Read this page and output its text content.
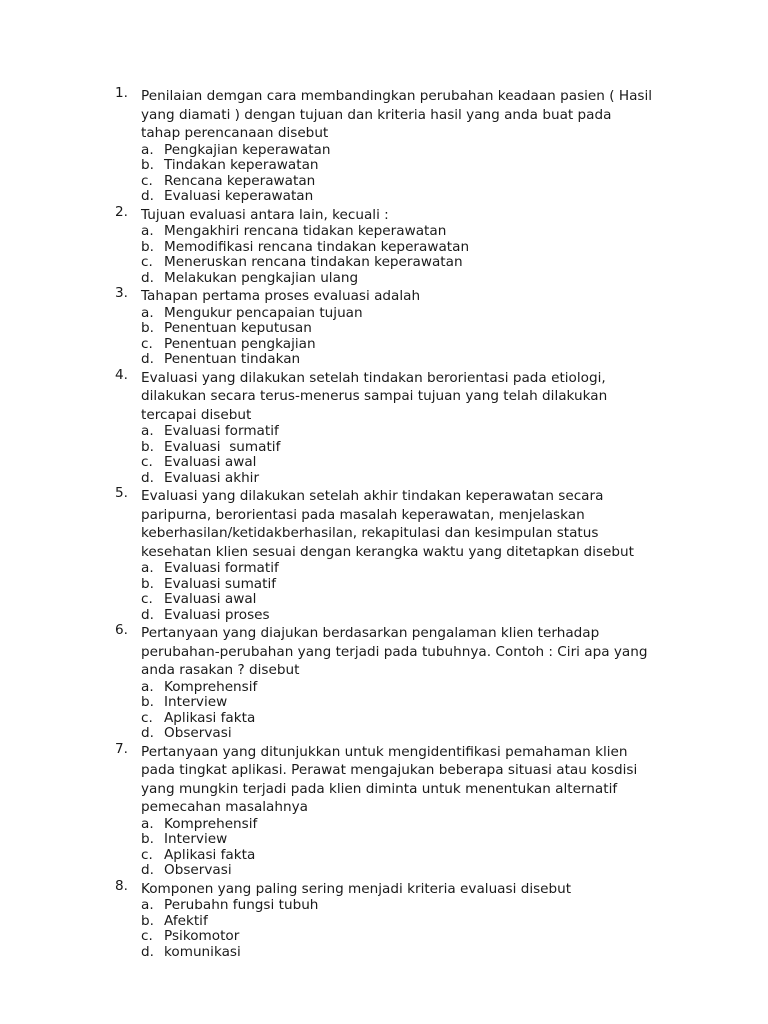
1. Penilaian demgan cara membandingkan perubahan keadaan pasien ( Hasil
yang diamati ) dengan tujuan dan kriteria hasil yang anda buat pada
tahap perencanaan disebut
a. Pengkajian keperawatan
b. Tindakan keperawatan
c. Rencana keperawatan
d. Evaluasi keperawatan
2. Tujuan evaluasi antara lain, kecuali :
a. Mengakhiri rencana tidakan keperawatan
b. Memodifikasi rencana tindakan keperawatan
c. Meneruskan rencana tindakan keperawatan
d. Melakukan pengkajian ulang
3. Tahapan pertama proses evaluasi adalah
a. Mengukur pencapaian tujuan
b. Penentuan keputusan
c. Penentuan pengkajian
d. Penentuan tindakan
4. Evaluasi yang dilakukan setelah tindakan berorientasi pada etiologi,
dilakukan secara terus-menerus sampai tujuan yang telah dilakukan
tercapai disebut
a. Evaluasi formatif
b. Evaluasi  sumatif
c. Evaluasi awal
d. Evaluasi akhir
5. Evaluasi yang dilakukan setelah akhir tindakan keperawatan secara
paripurna, berorientasi pada masalah keperawatan, menjelaskan
keberhasilan/ketidakberhasilan, rekapitulasi dan kesimpulan status
kesehatan klien sesuai dengan kerangka waktu yang ditetapkan disebut
a. Evaluasi formatif
b. Evaluasi sumatif
c. Evaluasi awal
d. Evaluasi proses
6. Pertanyaan yang diajukan berdasarkan pengalaman klien terhadap
perubahan-perubahan yang terjadi pada tubuhnya. Contoh : Ciri apa yang
anda rasakan ? disebut
a. Komprehensif
b. Interview
c. Aplikasi fakta
d. Observasi
7. Pertanyaan yang ditunjukkan untuk mengidentifikasi pemahaman klien
pada tingkat aplikasi. Perawat mengajukan beberapa situasi atau kosdisi
yang mungkin terjadi pada klien diminta untuk menentukan alternatif
pemecahan masalahnya
a. Komprehensif
b. Interview
c. Aplikasi fakta
d. Observasi
8. Komponen yang paling sering menjadi kriteria evaluasi disebut
a. Perubahn fungsi tubuh
b. Afektif
c. Psikomotor
d. komunikasi
